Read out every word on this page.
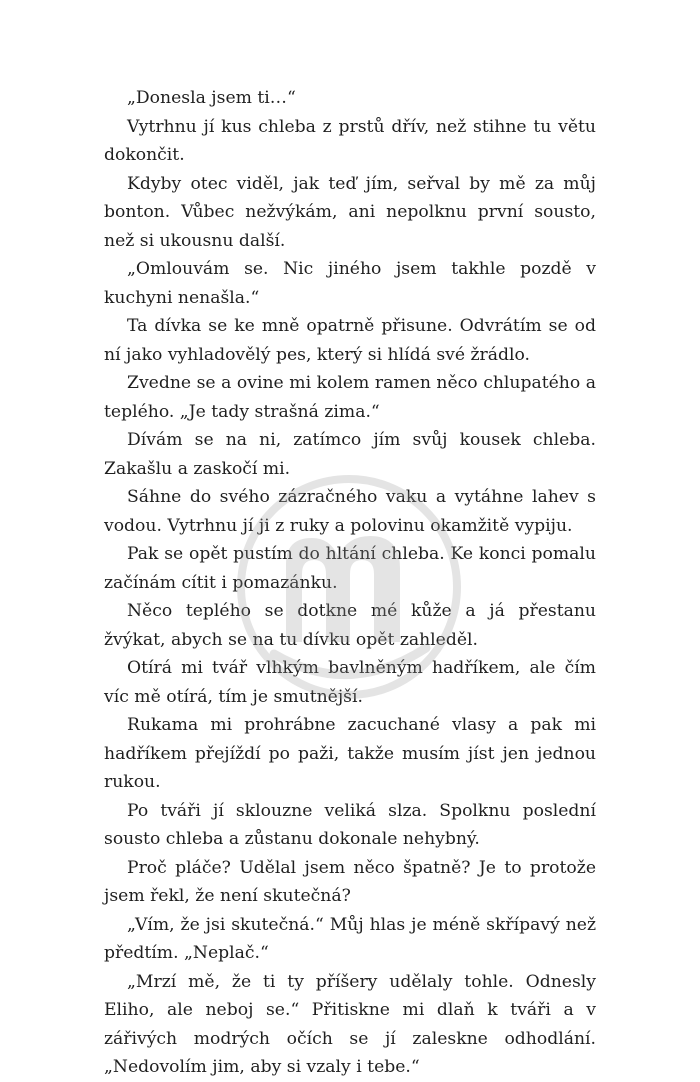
„Donesla jsem ti…“

Vytrhnu jí kus chleba z prstů dřív, než stihne tu větu dokončit.

Kdyby otec viděl, jak teď jím, seřval by mě za můj bonton. Vůbec nežvýkám, ani nepolknu první sousto, než si ukousnu další.

„Omlouvám se. Nic jiného jsem takhle pozdě v kuchyni nenašla.“

Ta dívka se ke mně opatrně přisune. Odvrátím se od ní jako vyhladovělý pes, který si hlídá své žrádlo.

Zvedne se a ovine mi kolem ramen něco chlupatého a teplého. „Je tady strašná zima.“

Dívám se na ni, zatímco jím svůj kousek chleba. Zakašlu a zaskočí mi.

Sáhne do svého zázračného vaku a vytáhne lahev s vodou. Vytrhnu jí ji z ruky a polovinu okamžitě vypiju.

Pak se opět pustím do hltání chleba. Ke konci pomalu začínám cítit i pomazánku.

Něco teplého se dotkne mé kůže a já přestanu žvýkat, abych se na tu dívku opět zahleděl.

Otírá mi tvář vlhkým bavlněným hadříkem, ale čím víc mě otírá, tím je smutnější.

Rukama mi prohrábne zacuchané vlasy a pak mi hadříkem přejíždí po paži, takže musím jíst jen jednou rukou.

Po tváři jí sklouzne veliká slza. Spolknu poslední sousto chleba a zůstanu dokonale nehybný.

Proč pláče? Udělal jsem něco špatně? Je to protože jsem řekl, že není skutečná?

„Vím, že jsi skutečná.“ Můj hlas je méně skřípavý než předtím. „Neplač.“

„Mrzí mě, že ti ty příšery udělaly tohle. Odnesly Eliho, ale neboj se.“ Přitiskne mi dlaň k tváři a v zářivých modrých očích se jí zaleskne odhodlání. „Nedovolím jim, aby si vzaly i tebe.“
